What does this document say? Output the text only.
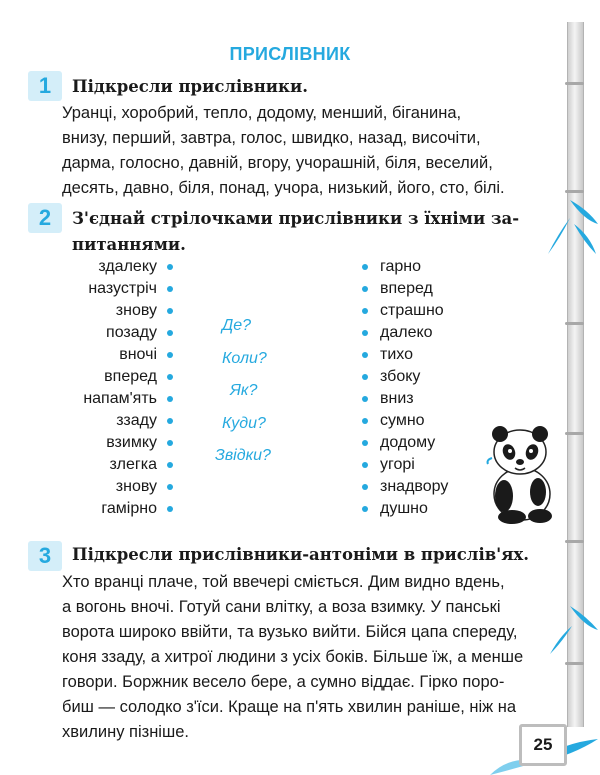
ПРИСЛІВНИК
1	Підкресли прислівники.
Уранці, хоробрий, тепло, додому, менший, біганина,
внизу, перший, завтра, голос, швидко, назад, височіти,
дарма, голосно, давній, вгору, учорашній, біля, веселий,
десять, давно, біля, понад, учора, низький, його, сто, білі.
2	З'єднай стрілочками прислівники з їхніми за-
питаннями.
здалеку
назустріч
знову
позаду
вночі
вперед
напам'ять
ззаду
взимку
злегка
знову
гамірно
Де?
Коли?
Як?
Куди?
Звідки?
гарно
вперед
страшно
далеко
тихо
збоку
вниз
сумно
додому
угорі
знадвору
душно
3	Підкресли прислівники-антоніми в прислів'ях.
Хто вранці плаче, той ввечері сміється. Дим видно вдень,
а вогонь вночі. Готуй сани влітку, а воза взимку. У панські
ворота широко ввійти, та вузько вийти. Бійся цапа спереду,
коня ззаду, а хитрої людини з усіх боків. Більше їж, а менше
говори. Боржник весело бере, а сумно віддає. Гірко поро-
биш — солодко з'їси. Краще на п'ять хвилин раніше, ніж на
хвилину пізніше.
25
